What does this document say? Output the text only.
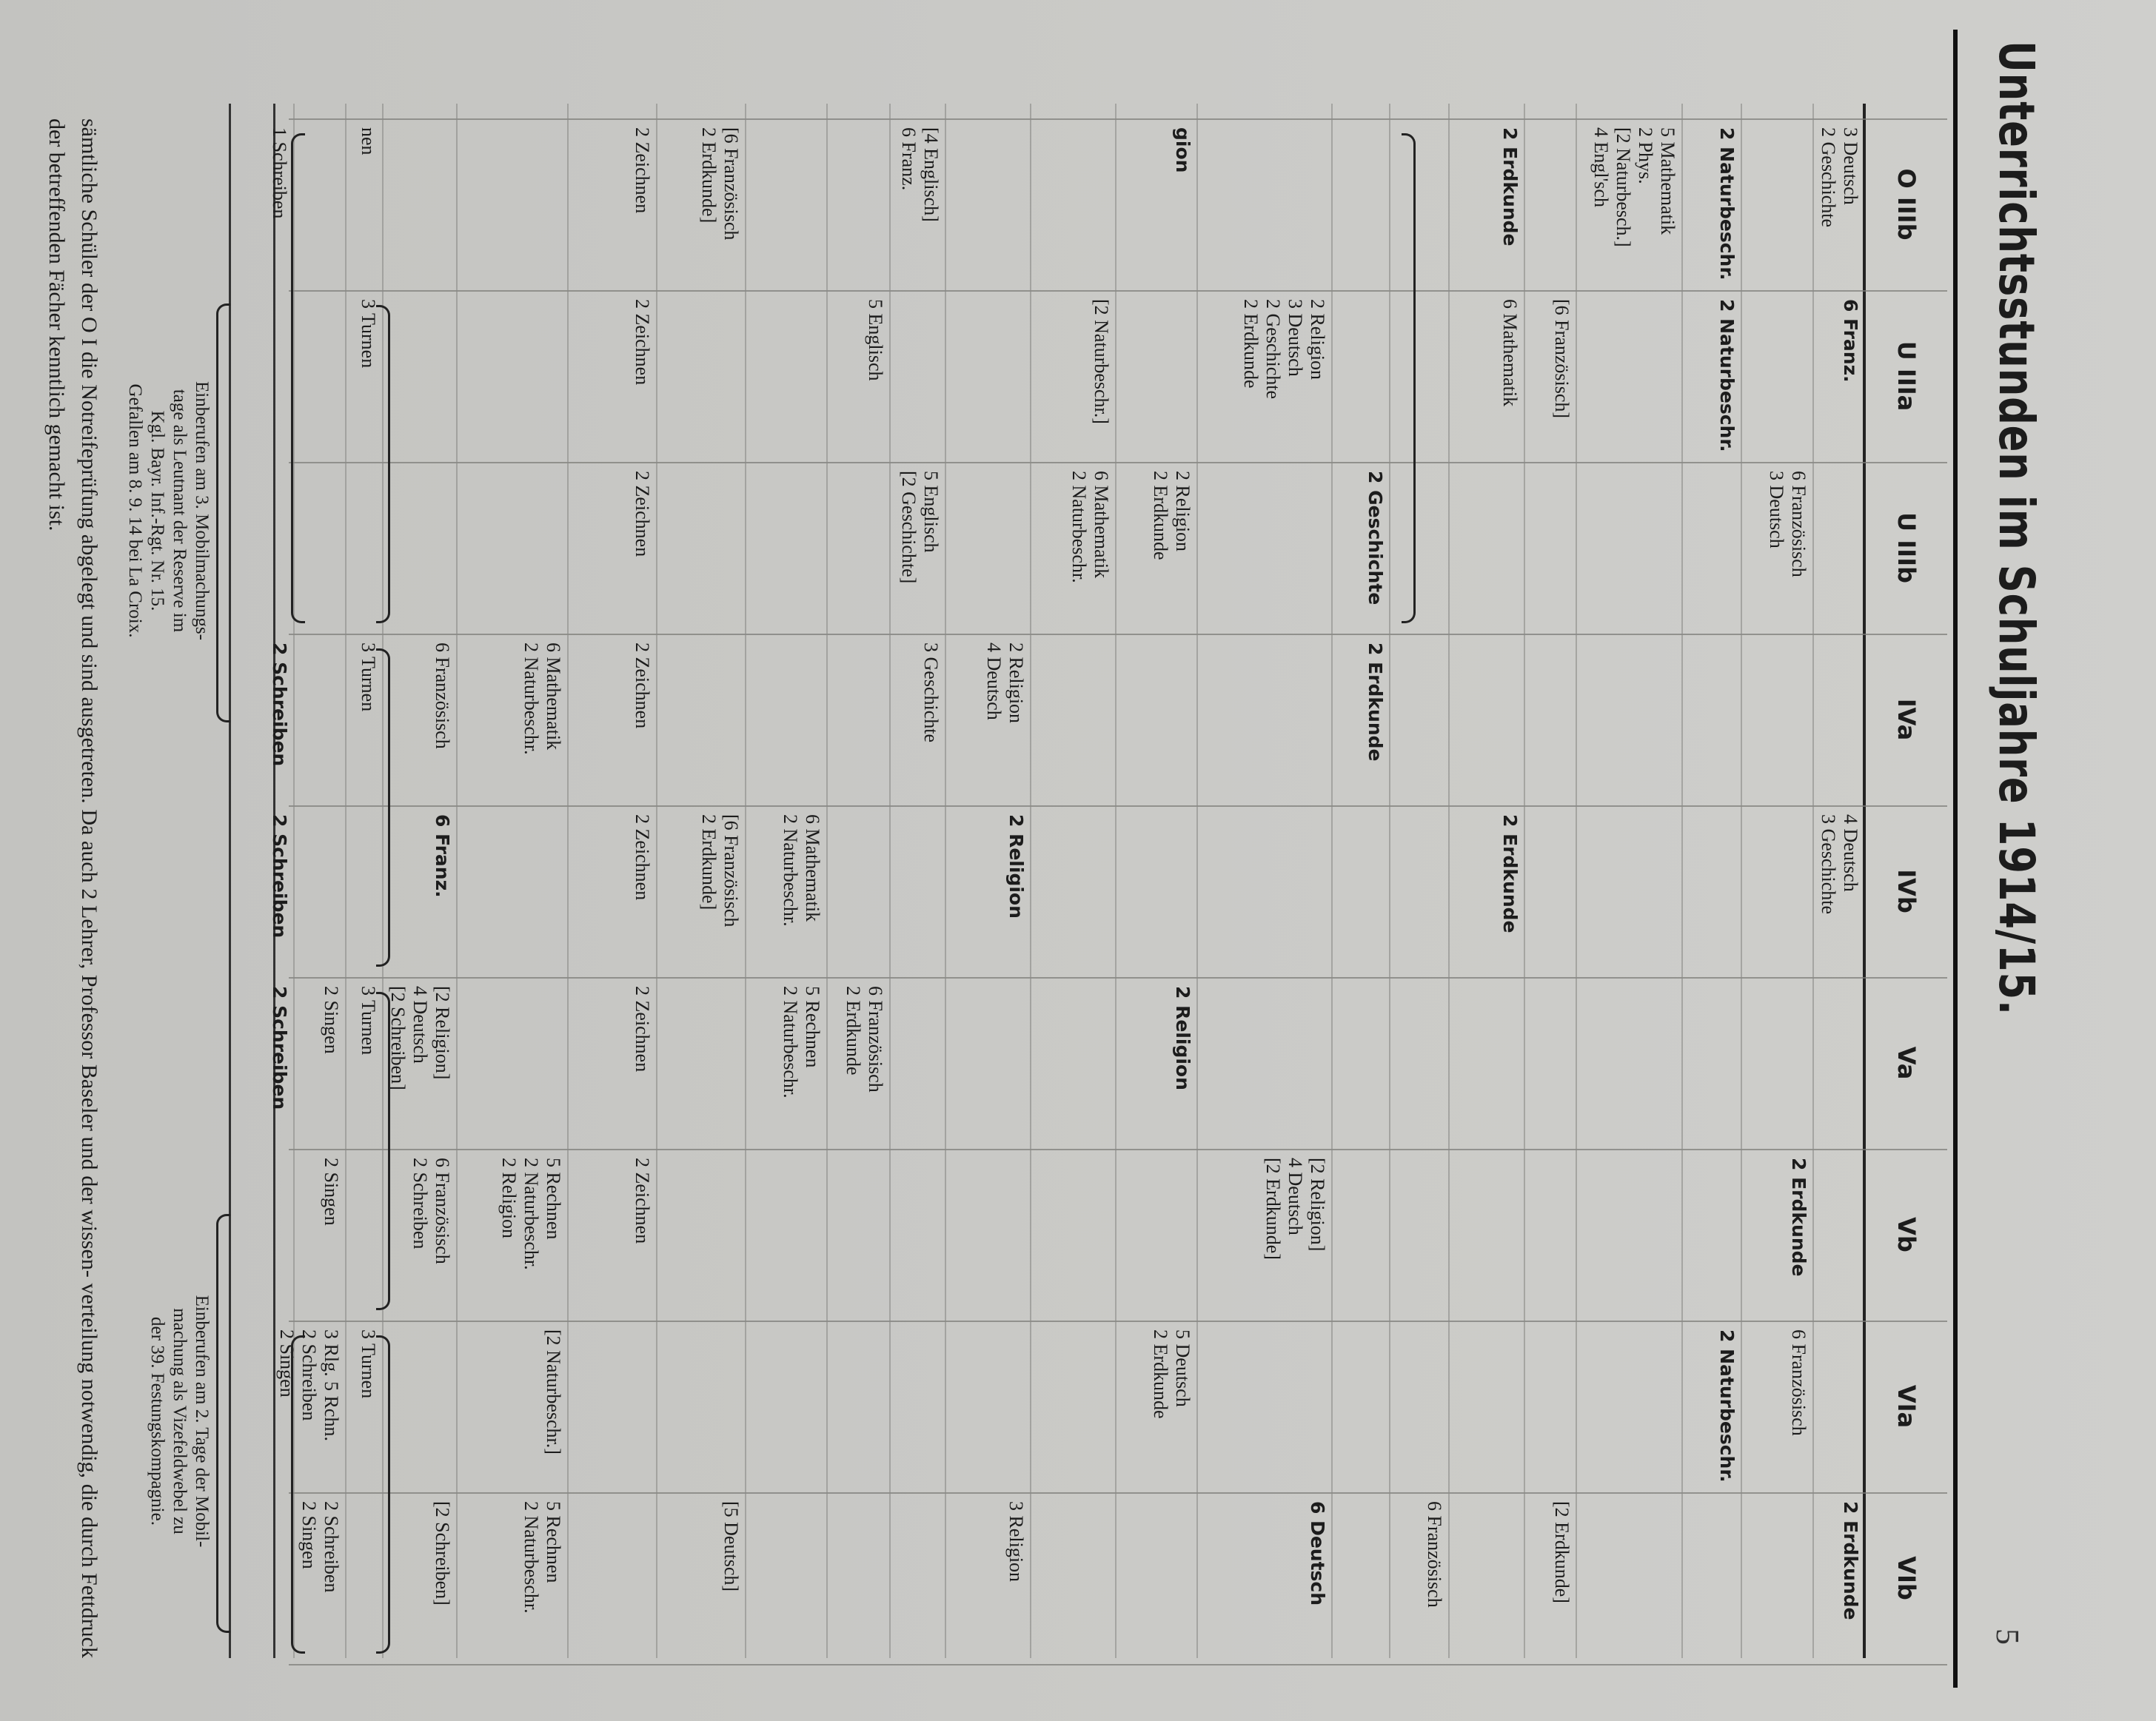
5
Unterrichtsstunden im Schuljahre 1914/15.
O IIIb
U IIIa
U IIIb
IVa
IVb
Va
Vb
VIa
VIb
3 Deutsch
2 Geschichte
6 Franz.
4 Deutsch
3 Geschichte
2 Erdkunde
6 Französisch
3 Deutsch
2 Erdkunde
6 Französisch
2 Naturbeschr.
2 Naturbeschr.
2 Naturbeschr.
5 Mathematik
2 Phys.
[2 Naturbesch.]
4 Engl'sch
[6 Französisch]
[2 Erdkunde]
2 Erdkunde
6 Mathematik
2 Erdkunde
6 Französisch
2 Geschichte
2 Erdkunde
2 Religion
3 Deutsch
2 Geschichte
2 Erdkunde
[2 Religion]
4 Deutsch
[2 Erdkunde]
6 Deutsch
gion
2 Religion
2 Erdkunde
2 Religion
5 Deutsch
2 Erdkunde
[2 Naturbeschr.]
6 Mathematik
2 Naturbeschr.
2 Religion
4 Deutsch
2 Religion
3 Religion
[4 Englisch]
6 Franz.
5 Englisch
[2 Geschichte]
3 Geschichte
5 Englisch
6 Französisch
2 Erdkunde
6 Mathematik
2 Naturbeschr.
5 Rechnen
2 Naturbeschr.
[6 Französisch
2 Erdkunde]
[6 Französisch
2 Erdkunde]
[5 Deutsch]
2 Zeichnen
2 Zeichnen
2 Zeichnen
2 Zeichnen
2 Zeichnen
2 Zeichnen
2 Zeichnen
6 Mathematik
2 Naturbeschr.
5 Rechnen
2 Naturbeschr.
2 Religion
[2 Naturbeschr.]
5 Rechnen
2 Naturbeschr.
6 Französisch
6 Franz.
[2 Religion]
4 Deutsch
[2 Schreiben]
6 Französisch
2 Schreiben
[2 Schreiben]
nen
3 Turnen
3 Turnen
3 Turnen
3 Turnen
2 Singen
2 Singen
3 Rlg. 5 Rchn.
2 Schreiben
2 Singen
2 Schreiben
2 Singen
1 Schreiben
2 Schreiben
2 Schreiben
2 Schreiben
Einberufen am 3. Mobilmachungs-
tage als Leutnant der Reserve im
Kgl. Bayr. Inf.-Rgt. Nr. 15.
Gefallen am 8. 9. 14 bei La Croix.
Einberufen am 2. Tage der Mobil-
machung als Vizefeldwebel zu
der 39. Festungskompagnie.
sämtliche Schüler der O I die Notreifeprüfung abgelegt und sind ausgetreten. Da auch 2 Lehrer, Professor Baseler und der wissen- verteilung notwendig, die durch Fettdruck der betreffenden Fächer kenntlich gemacht ist.
